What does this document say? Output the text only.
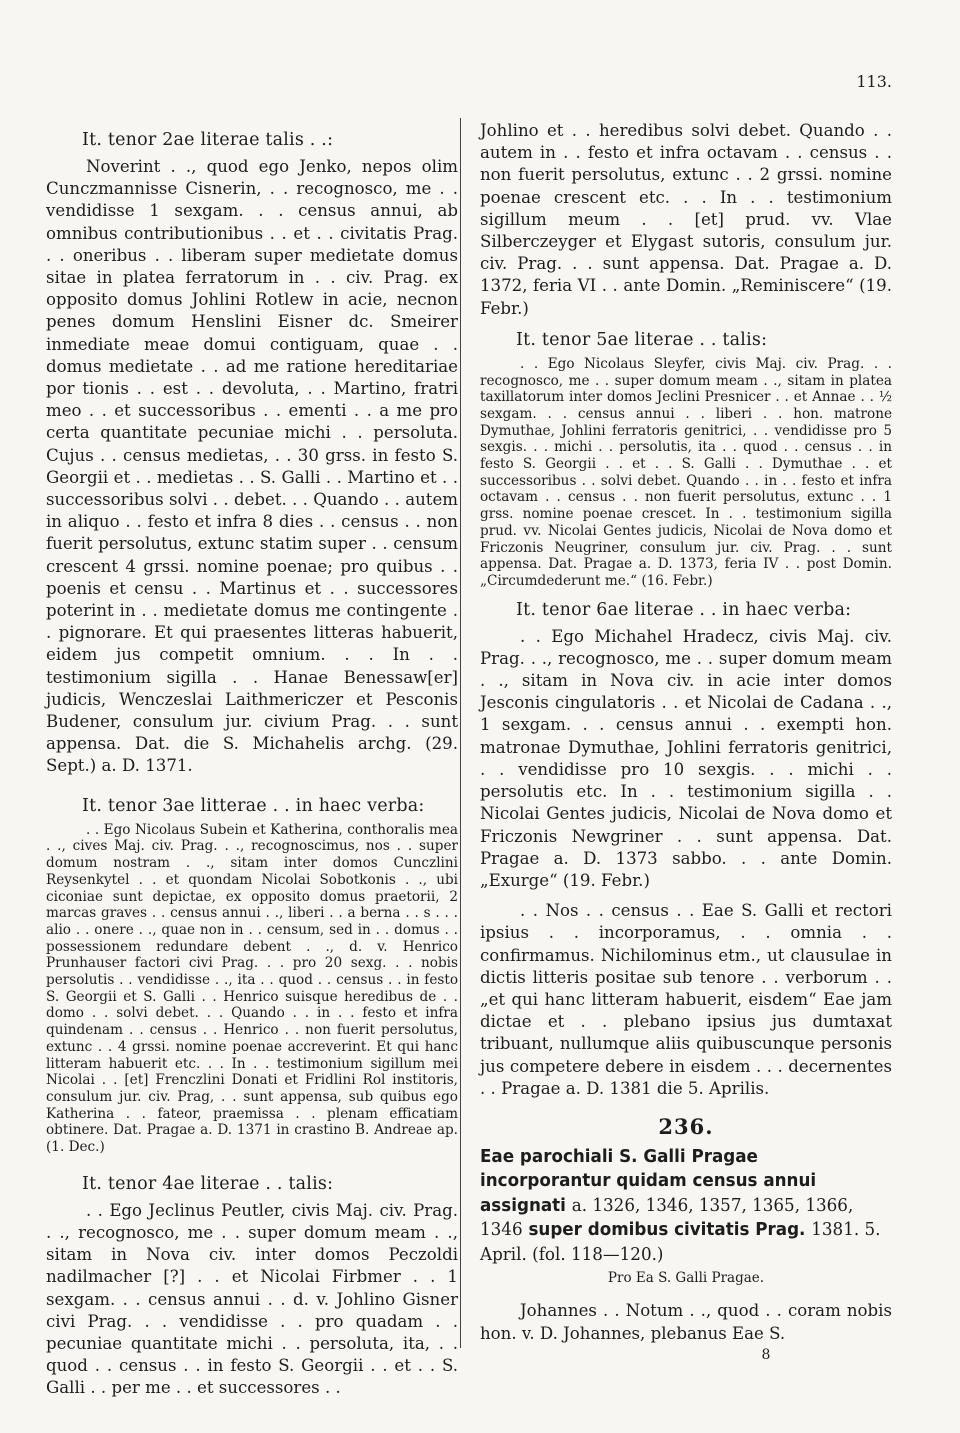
113.
It. tenor 2ae literae talis . .:

Noverint . ., quod ego Jenko, nepos olim Cunczmannisse Cisnerin, . . recognosco, me . . vendidisse 1 sexgam. . . census annui, ab omnibus contributionibus . . et . . civitatis Prag. . . oneribus . . liberam super medietate domus sitae in platea ferratorum in . . civ. Prag. ex opposito domus Johlini Rotlew in acie, necnon penes domum Henslini Eisner dc. Smeirer inmediate meae domui contiguam, quae . . domus medietate . . ad me ratione hereditariae por tionis . . est . . devoluta, . . Martino, fratri meo . . et successoribus . . ementi . . a me pro certa quantitate pecuniae michi . . persoluta. Cujus . . census medietas, . . 30 grss. in festo S. Georgii et . . medietas . . S. Galli . . Martino et . . successoribus solvi . . debet. . . Quando . . autem in aliquo . . festo et infra 8 dies . . census . . non fuerit persolutus, extunc statim super . . censum crescent 4 grssi. nomine poenae; pro quibus . . poenis et censu . . Martinus et . . successores poterint in . . medietate domus me contingente . . pignorare. Et qui praesentes litteras habuerit, eidem jus competit omnium. . . In . . testimonium sigilla . . Hanae Benessaw[er] judicis, Wenczeslai Laithmericzer et Pesconis Budener, consulum jur. civium Prag. . . sunt appensa. Dat. die S. Michahelis archg. (29. Sept.) a. D. 1371.

It. tenor 3ae litterae . . in haec verba:

. . Ego Nicolaus Subein et Katherina, conthoralis mea . ., cives Maj. civ. Prag. . ., recognoscimus, nos . . super domum nostram . ., sitam inter domos Cunczlini Reysenkytel . . et quondam Nicolai Sobotkonis . ., ubi ciconiae sunt depictae, ex opposito domus praetorii, 2 marcas graves . . census annui . ., liberi . . a berna . . s . . . alio . . onere . ., quae non in . . censum, sed in . . domus . . possessionem redundare debent . ., d. v. Henrico Prunhauser factori civi Prag. . . pro 20 sexg. . . nobis persolutis . . vendidisse . ., ita . . quod . . census . . in festo S. Georgii et S. Galli . . Henrico suisque heredibus de . . domo . . solvi debet. . . Quando . . in . . festo et infra quindenam . . census . . Henrico . . non fuerit persolutus, extunc . . 4 grssi. nomine poenae accreverint. Et qui hanc litteram habuerit etc. . . In . . testimonium sigillum mei Nicolai . . [et] Frenczlini Donati et Fridlini Rol institoris, consulum jur. civ. Prag, . . sunt appensa, sub quibus ego Katherina . . fateor, praemissa . . plenam efficatiam obtinere. Dat. Pragae a. D. 1371 in crastino B. Andreae ap. (1. Dec.)

It. tenor 4ae literae . . talis:

. . Ego Jeclinus Peutler, civis Maj. civ. Prag. . ., recognosco, me . . super domum meam . ., sitam in Nova civ. inter domos Peczoldi nadilmacher [?] . . et Nicolai Firbmer . . 1 sexgam. . . census annui . . d. v. Johlino Gisner civi Prag. . . vendidisse . . pro quadam . . pecuniae quantitate michi . . persoluta, ita, . . quod . . census . . in festo S. Georgii . . et . . S. Galli . . per me . . et successores . .

Johlino et . . heredibus solvi debet. Quando . . autem in . . festo et infra octavam . . census . . non fuerit persolutus, extunc . . 2 grssi. nomine poenae crescent etc. . . In . . testimonium sigillum meum . . [et] prud. vv. Vlae Silberczeyger et Elygast sutoris, consulum jur. civ. Prag. . . sunt appensa. Dat. Pragae a. D. 1372, feria VI . . ante Domin. „Reminiscere“ (19. Febr.)

It. tenor 5ae literae . . talis:

. . Ego Nicolaus Sleyfer, civis Maj. civ. Prag. . . recognosco, me . . super domum meam . ., sitam in platea taxillatorum inter domos Jeclini Presnicer . . et Annae . . ½ sexgam. . . census annui . . liberi . . hon. matrone Dymuthae, Johlini ferratoris genitrici, . . vendidisse pro 5 sexgis. . . michi . . persolutis, ita . . quod . . census . . in festo S. Georgii . . et . . S. Galli . . Dymuthae . . et successoribus . . solvi debet. Quando . . in . . festo et infra octavam . . census . . non fuerit persolutus, extunc . . 1 grss. nomine poenae crescet. In . . testimonium sigilla prud. vv. Nicolai Gentes judicis, Nicolai de Nova domo et Friczonis Neugriner, consulum jur. civ. Prag. . . sunt appensa. Dat. Pragae a. D. 1373, feria IV . . post Domin. „Circumdederunt me.“ (16. Febr.)

It. tenor 6ae literae . . in haec verba:

. . Ego Michahel Hradecz, civis Maj. civ. Prag. . ., recognosco, me . . super domum meam . ., sitam in Nova civ. in acie inter domos Jesconis cingulatoris . . et Nicolai de Cadana . ., 1 sexgam. . . census annui . . exempti hon. matronae Dymuthae, Johlini ferratoris genitrici, . . vendidisse pro 10 sexgis. . . michi . . persolutis etc. In . . testimonium sigilla . . Nicolai Gentes judicis, Nicolai de Nova domo et Friczonis Newgriner . . sunt appensa. Dat. Pragae a. D. 1373 sabbo. . . ante Domin. „Exurge“ (19. Febr.)

. . Nos . . census . . Eae S. Galli et rectori ipsius . . incorporamus, . . omnia . . confirmamus. Nichilominus etm., ut clausulae in dictis litteris positae sub tenore . . verborum . . „et qui hanc litteram habuerit, eisdem“ Eae jam dictae et . . plebano ipsius jus dumtaxat tribuant, nullumque aliis quibuscunque personis jus competere debere in eisdem . . . decernentes . . Pragae a. D. 1381 die 5. Aprilis.

236.

Eae parochiali S. Galli Pragae incorporantur quidam census annui assignati a. 1326, 1346, 1357, 1365, 1366, 1346 super domibus civitatis Prag. 1381. 5. April. (fol. 118—120.)

Pro Ea S. Galli Pragae.

Johannes . . Notum . ., quod . . coram nobis hon. v. D. Johannes, plebanus Eae S.

8
